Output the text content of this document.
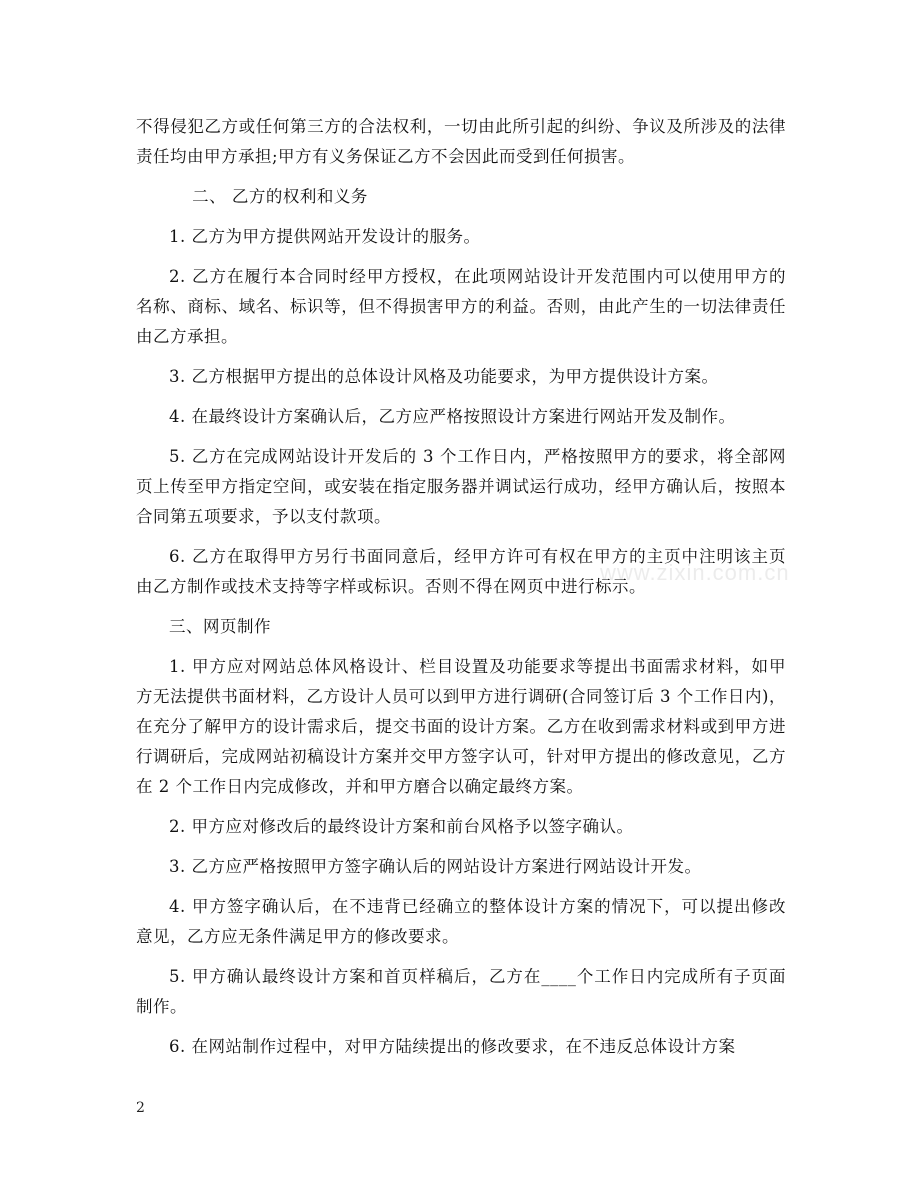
www.zixin.com.cn

不得侵犯乙方或任何第三方的合法权利，一切由此所引起的纠纷、争议及所涉及的法律责任均由甲方承担;甲方有义务保证乙方不会因此而受到任何损害。

二、 乙方的权利和义务

1. 乙方为甲方提供网站开发设计的服务。

2. 乙方在履行本合同时经甲方授权，在此项网站设计开发范围内可以使用甲方的名称、商标、域名、标识等，但不得损害甲方的利益。否则，由此产生的一切法律责任由乙方承担。

3. 乙方根据甲方提出的总体设计风格及功能要求，为甲方提供设计方案。

4. 在最终设计方案确认后，乙方应严格按照设计方案进行网站开发及制作。

5. 乙方在完成网站设计开发后的 3 个工作日内，严格按照甲方的要求，将全部网页上传至甲方指定空间，或安装在指定服务器并调试运行成功，经甲方确认后，按照本合同第五项要求，予以支付款项。

6. 乙方在取得甲方另行书面同意后，经甲方许可有权在甲方的主页中注明该主页由乙方制作或技术支持等字样或标识。否则不得在网页中进行标示。

三、网页制作

1. 甲方应对网站总体风格设计、栏目设置及功能要求等提出书面需求材料，如甲方无法提供书面材料，乙方设计人员可以到甲方进行调研(合同签订后 3 个工作日内)，在充分了解甲方的设计需求后，提交书面的设计方案。乙方在收到需求材料或到甲方进行调研后，完成网站初稿设计方案并交甲方签字认可，针对甲方提出的修改意见，乙方在 2 个工作日内完成修改，并和甲方磨合以确定最终方案。

2. 甲方应对修改后的最终设计方案和前台风格予以签字确认。

3. 乙方应严格按照甲方签字确认后的网站设计方案进行网站设计开发。

4. 甲方签字确认后，在不违背已经确立的整体设计方案的情况下，可以提出修改意见，乙方应无条件满足甲方的修改要求。

5. 甲方确认最终设计方案和首页样稿后，乙方在____个工作日内完成所有子页面制作。

6. 在网站制作过程中，对甲方陆续提出的修改要求，在不违反总体设计方案

2
